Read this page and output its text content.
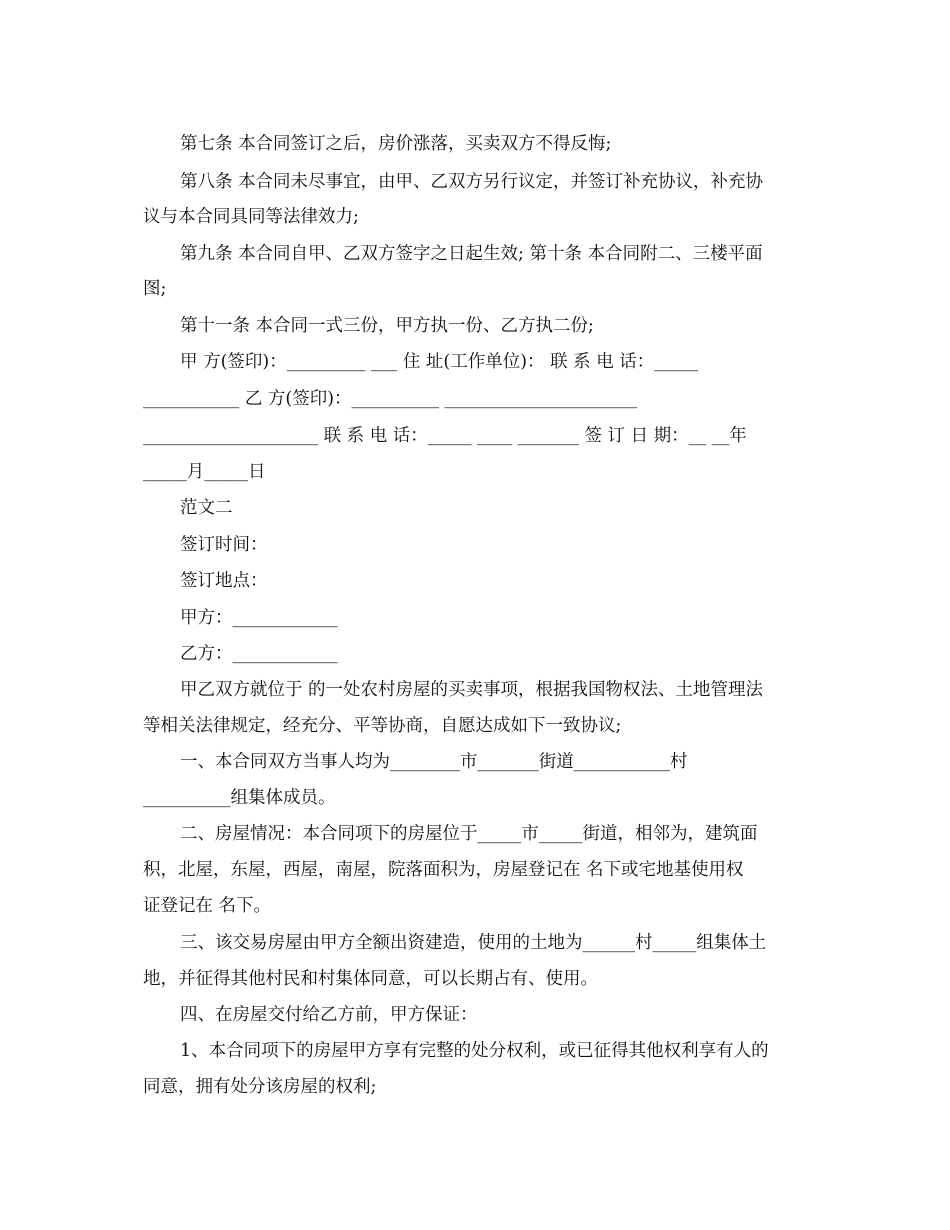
第七条 本合同签订之后，房价涨落，买卖双方不得反悔;
第八条 本合同未尽事宜，由甲、乙双方另行议定，并签订补充协议，补充协
议与本合同具同等法律效力;
第九条 本合同自甲、乙双方签字之日起生效; 第十条 本合同附二、三楼平面
图;
第十一条 本合同一式三份，甲方执一份、乙方执二份;
甲 方(签印)：_________ ___ 住 址(工作单位)： 联 系 电 话：_____
___________ 乙 方(签印)：__________ ______________________
____________________ 联 系 电 话：_____ ____ _______ 签 订 日 期：__ __年
_____月_____日
范文二
签订时间：
签订地点：
甲方：____________
乙方：____________
甲乙双方就位于 的一处农村房屋的买卖事项，根据我国物权法、土地管理法
等相关法律规定，经充分、平等协商，自愿达成如下一致协议;
一、本合同双方当事人均为________市_______街道___________村
__________组集体成员。
二、房屋情况：本合同项下的房屋位于_____市_____街道，相邻为，建筑面
积，北屋，东屋，西屋，南屋，院落面积为，房屋登记在 名下或宅地基使用权
证登记在 名下。
三、该交易房屋由甲方全额出资建造，使用的土地为______村_____组集体土
地，并征得其他村民和村集体同意，可以长期占有、使用。
四、在房屋交付给乙方前，甲方保证：
1、本合同项下的房屋甲方享有完整的处分权利，或已征得其他权利享有人的
同意，拥有处分该房屋的权利;
